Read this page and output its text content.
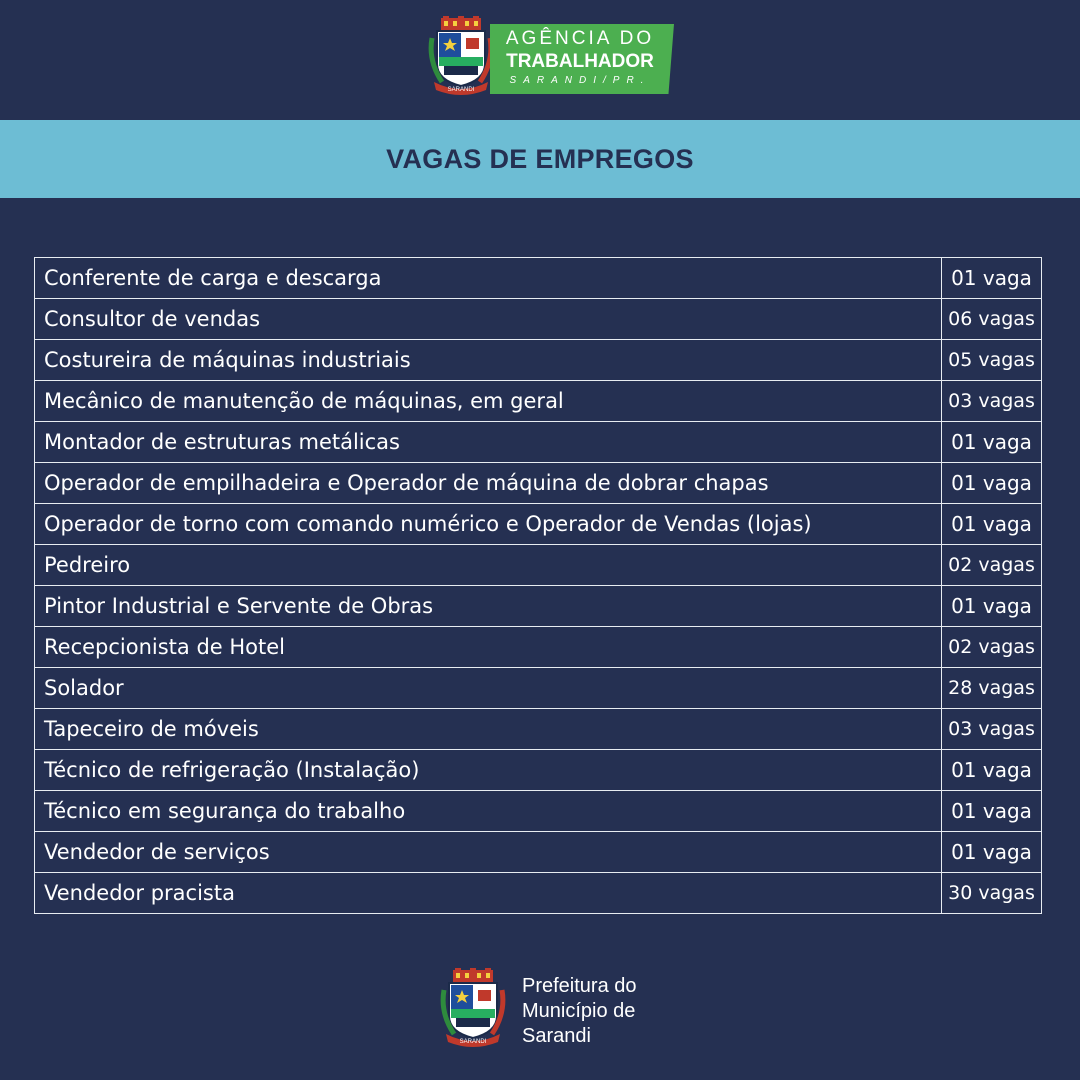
SARANDI
AGÊNCIA DO
TRABALHADOR
SARANDI/PR.
VAGAS DE EMPREGOS
Conferente de carga e descarga	01 vaga
Consultor de vendas	06 vagas
Costureira de máquinas industriais	05 vagas
Mecânico de manutenção de máquinas, em geral	03 vagas
Montador de estruturas metálicas	01 vaga
Operador de empilhadeira e Operador de máquina de dobrar chapas	01 vaga
Operador de torno com comando numérico e Operador de Vendas (lojas)	01 vaga
Pedreiro	02 vagas
Pintor Industrial e Servente de Obras	01 vaga
Recepcionista de Hotel	02 vagas
Solador	28 vagas
Tapeceiro de móveis	03 vagas
Técnico de refrigeração (Instalação)	01 vaga
Técnico em segurança do trabalho	01 vaga
Vendedor de serviços	01 vaga
Vendedor pracista	30 vagas
SARANDI
Prefeitura do
Município de
Sarandi
